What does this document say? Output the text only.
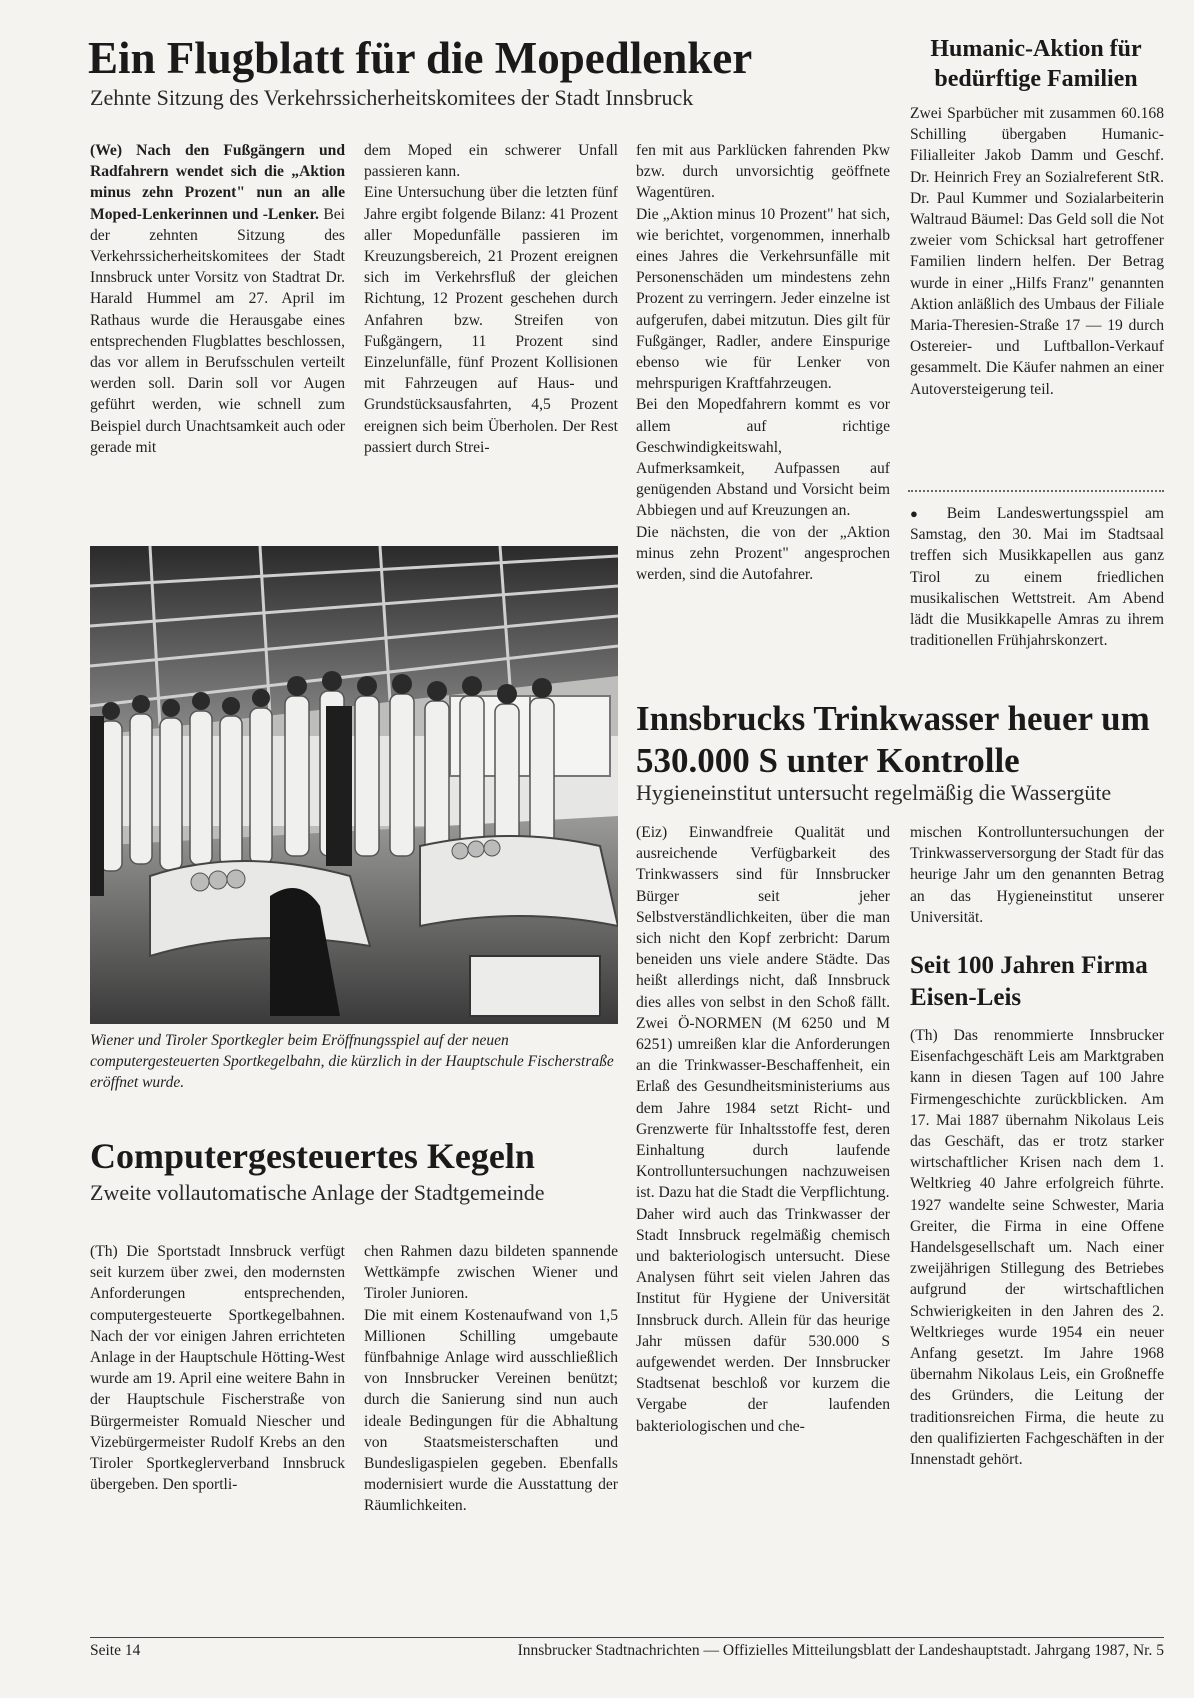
Ein Flugblatt für die Mopedlenker
Zehnte Sitzung des Verkehrssicherheitskomitees der Stadt Innsbruck

(We) Nach den Fußgängern und Radfahrern wendet sich die „Aktion minus zehn Prozent" nun an alle Moped-Lenkerinnen und -Lenker. Bei der zehnten Sitzung des Verkehrssicherheitskomitees der Stadt Innsbruck unter Vorsitz von Stadtrat Dr. Harald Hummel am 27. April im Rathaus wurde die Herausgabe eines entsprechenden Flugblattes beschlossen, das vor allem in Berufsschulen verteilt werden soll. Darin soll vor Augen geführt werden, wie schnell zum Beispiel durch Unachtsamkeit auch oder gerade mit

dem Moped ein schwerer Unfall passieren kann.
Eine Untersuchung über die letzten fünf Jahre ergibt folgende Bilanz: 41 Prozent aller Mopedunfälle passieren im Kreuzungsbereich, 21 Prozent ereignen sich im Verkehrsfluß der gleichen Richtung, 12 Prozent geschehen durch Anfahren bzw. Streifen von Fußgängern, 11 Prozent sind Einzelunfälle, fünf Prozent Kollisionen mit Fahrzeugen auf Haus- und Grundstücksausfahrten, 4,5 Prozent ereignen sich beim Überholen. Der Rest passiert durch Strei-

fen mit aus Parklücken fahrenden Pkw bzw. durch unvorsichtig geöffnete Wagentüren.

Die „Aktion minus 10 Prozent" hat sich, wie berichtet, vorgenommen, innerhalb eines Jahres die Verkehrsunfälle mit Personenschäden um mindestens zehn Prozent zu verringern. Jeder einzelne ist aufgerufen, dabei mitzutun. Dies gilt für Fußgänger, Radler, andere Einspurige ebenso wie für Lenker von mehrspurigen Kraftfahrzeugen.

Bei den Mopedfahrern kommt es vor allem auf richtige Geschwindigkeitswahl, Aufmerksamkeit, Aufpassen auf genügenden Abstand und Vorsicht beim Abbiegen und auf Kreuzungen an.

Die nächsten, die von der „Aktion minus zehn Prozent" angesprochen werden, sind die Autofahrer.

Humanic-Aktion für bedürftige Familien
Zwei Sparbücher mit zusammen 60.168 Schilling übergaben Humanic-Filialleiter Jakob Damm und Geschf. Dr. Heinrich Frey an Sozialreferent StR. Dr. Paul Kummer und Sozialarbeiterin Waltraud Bäumel: Das Geld soll die Not zweier vom Schicksal hart getroffener Familien lindern helfen. Der Betrag wurde in einer „Hilfs Franz" genannten Aktion anläßlich des Umbaus der Filiale Maria-Theresien-Straße 17 — 19 durch Ostereier- und Luftballon-Verkauf gesammelt. Die Käufer nahmen an einer Autoversteigerung teil.
● Beim Landeswertungsspiel am Samstag, den 30. Mai im Stadtsaal treffen sich Musikkapellen aus ganz Tirol zu einem friedlichen musikalischen Wettstreit. Am Abend lädt die Musikkapelle Amras zu ihrem traditionellen Frühjahrskonzert.
Wiener und Tiroler Sportkegler beim Eröffnungsspiel auf der neuen computergesteuerten Sportkegelbahn, die kürzlich in der Hauptschule Fischerstraße eröffnet wurde.
Computergesteuertes Kegeln
Zweite vollautomatische Anlage der Stadtgemeinde
(Th) Die Sportstadt Innsbruck verfügt seit kurzem über zwei, den modernsten Anforderungen entsprechenden, computergesteuerte Sportkegelbahnen. Nach der vor einigen Jahren errichteten Anlage in der Hauptschule Hötting-West wurde am 19. April eine weitere Bahn in der Hauptschule Fischerstraße von Bürgermeister Romuald Niescher und Vizebürgermeister Rudolf Krebs an den Tiroler Sportkeglerverband Innsbruck übergeben. Den sportli-

chen Rahmen dazu bildeten spannende Wettkämpfe zwischen Wiener und Tiroler Junioren.

Die mit einem Kostenaufwand von 1,5 Millionen Schilling umgebaute fünfbahnige Anlage wird ausschließlich von Innsbrucker Vereinen benützt; durch die Sanierung sind nun auch ideale Bedingungen für die Abhaltung von Staatsmeisterschaften und Bundesligaspielen gegeben. Ebenfalls modernisiert wurde die Ausstattung der Räumlichkeiten.

Innsbrucks Trinkwasser heuer um 530.000 S unter Kontrolle
Hygieneinstitut untersucht regelmäßig die Wassergüte

(Eiz) Einwandfreie Qualität und ausreichende Verfügbarkeit des Trinkwassers sind für Innsbrucker Bürger seit jeher Selbstverständlichkeiten, über die man sich nicht den Kopf zerbricht: Darum beneiden uns viele andere Städte. Das heißt allerdings nicht, daß Innsbruck dies alles von selbst in den Schoß fällt. Zwei Ö-NORMEN (M 6250 und M 6251) umreißen klar die Anforderungen an die Trinkwasser-Beschaffenheit, ein Erlaß des Gesundheitsministeriums aus dem Jahre 1984 setzt Richt- und Grenzwerte für Inhaltsstoffe fest, deren Einhaltung durch laufende Kontrolluntersuchungen nachzuweisen ist. Dazu hat die Stadt die Verpflichtung.

Daher wird auch das Trinkwasser der Stadt Innsbruck regelmäßig chemisch und bakteriologisch untersucht. Diese Analysen führt seit vielen Jahren das Institut für Hygiene der Universität Innsbruck durch. Allein für das heurige Jahr müssen dafür 530.000 S aufgewendet werden. Der Innsbrucker Stadtsenat beschloß vor kurzem die Vergabe der laufenden bakteriologischen und che-

mischen Kontrolluntersuchungen der Trinkwasserversorgung der Stadt für das heurige Jahr um den genannten Betrag an das Hygieneinstitut unserer Universität.
Seit 100 Jahren Firma Eisen-Leis
(Th) Das renommierte Innsbrucker Eisenfachgeschäft Leis am Marktgraben kann in diesen Tagen auf 100 Jahre Firmengeschichte zurückblicken. Am 17. Mai 1887 übernahm Nikolaus Leis das Geschäft, das er trotz starker wirtschaftlicher Krisen nach dem 1. Weltkrieg 40 Jahre erfolgreich führte. 1927 wandelte seine Schwester, Maria Greiter, die Firma in eine Offene Handelsgesellschaft um. Nach einer zweijährigen Stillegung des Betriebes aufgrund der wirtschaftlichen Schwierigkeiten in den Jahren des 2. Weltkrieges wurde 1954 ein neuer Anfang gesetzt. Im Jahre 1968 übernahm Nikolaus Leis, ein Großneffe des Gründers, die Leitung der traditionsreichen Firma, die heute zu den qualifizierten Fachgeschäften in der Innenstadt gehört.
Seite 14	Innsbrucker Stadtnachrichten — Offizielles Mitteilungsblatt der Landeshauptstadt. Jahrgang 1987, Nr. 5
